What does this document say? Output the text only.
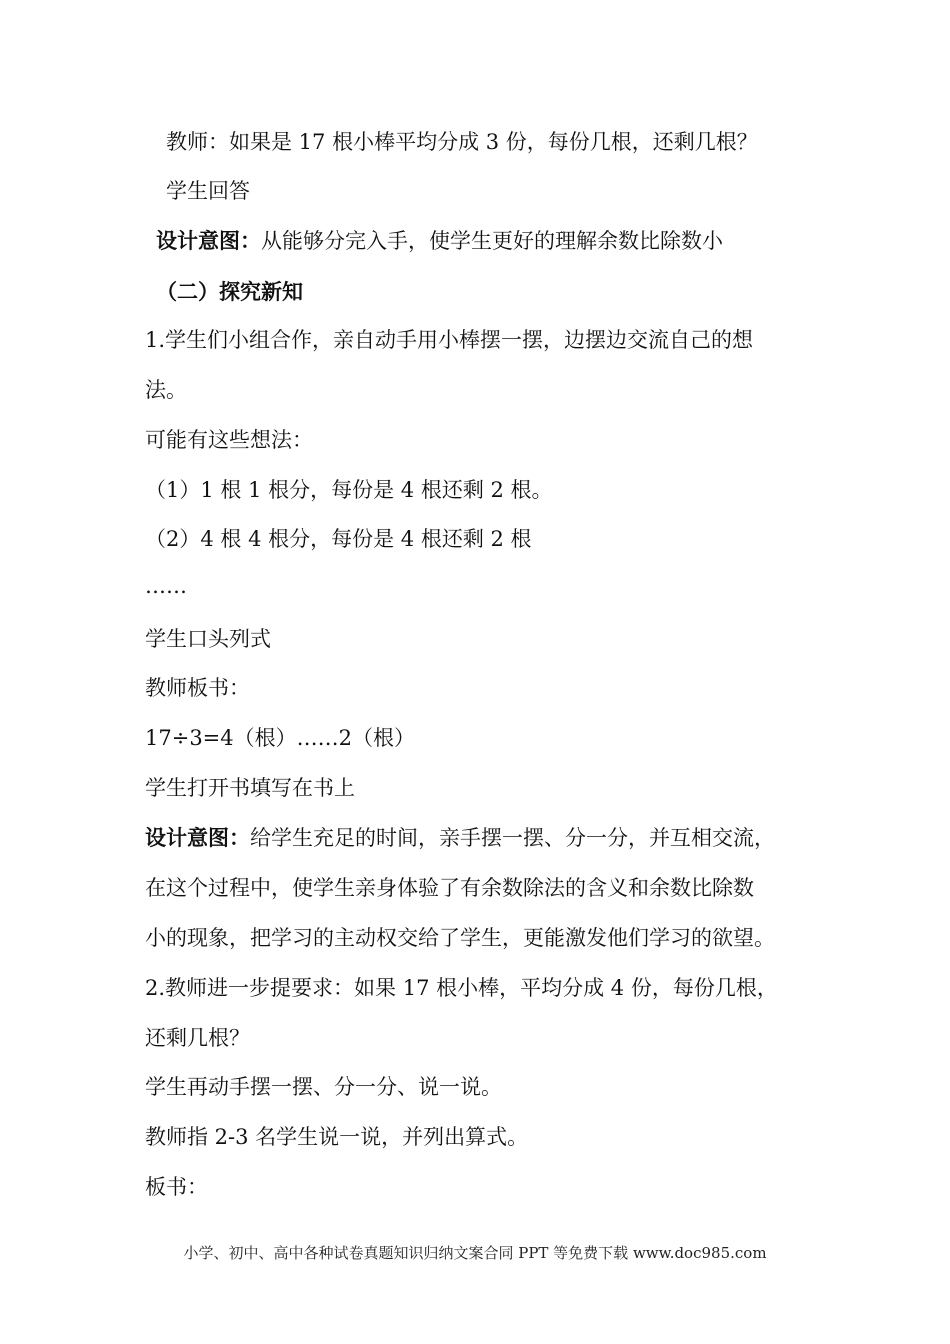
教师：如果是 17 根小棒平均分成 3 份，每份几根，还剩几根？
学生回答
设计意图：从能够分完入手，使学生更好的理解余数比除数小
（二）探究新知
1.学生们小组合作，亲自动手用小棒摆一摆，边摆边交流自己的想
法。
可能有这些想法：
（1）1 根 1 根分，每份是 4 根还剩 2 根。
（2）4 根 4 根分，每份是 4 根还剩 2 根
……
学生口头列式
教师板书：
17÷3=4（根）……2（根）
学生打开书填写在书上
设计意图：给学生充足的时间，亲手摆一摆、分一分，并互相交流，
在这个过程中，使学生亲身体验了有余数除法的含义和余数比除数
小的现象，把学习的主动权交给了学生，更能激发他们学习的欲望。
2.教师进一步提要求：如果 17 根小棒，平均分成 4 份，每份几根，
还剩几根？
学生再动手摆一摆、分一分、说一说。
教师指 2-3 名学生说一说，并列出算式。
板书：
小学、初中、高中各种试卷真题知识归纳文案合同 PPT 等免费下载 www.doc985.com
